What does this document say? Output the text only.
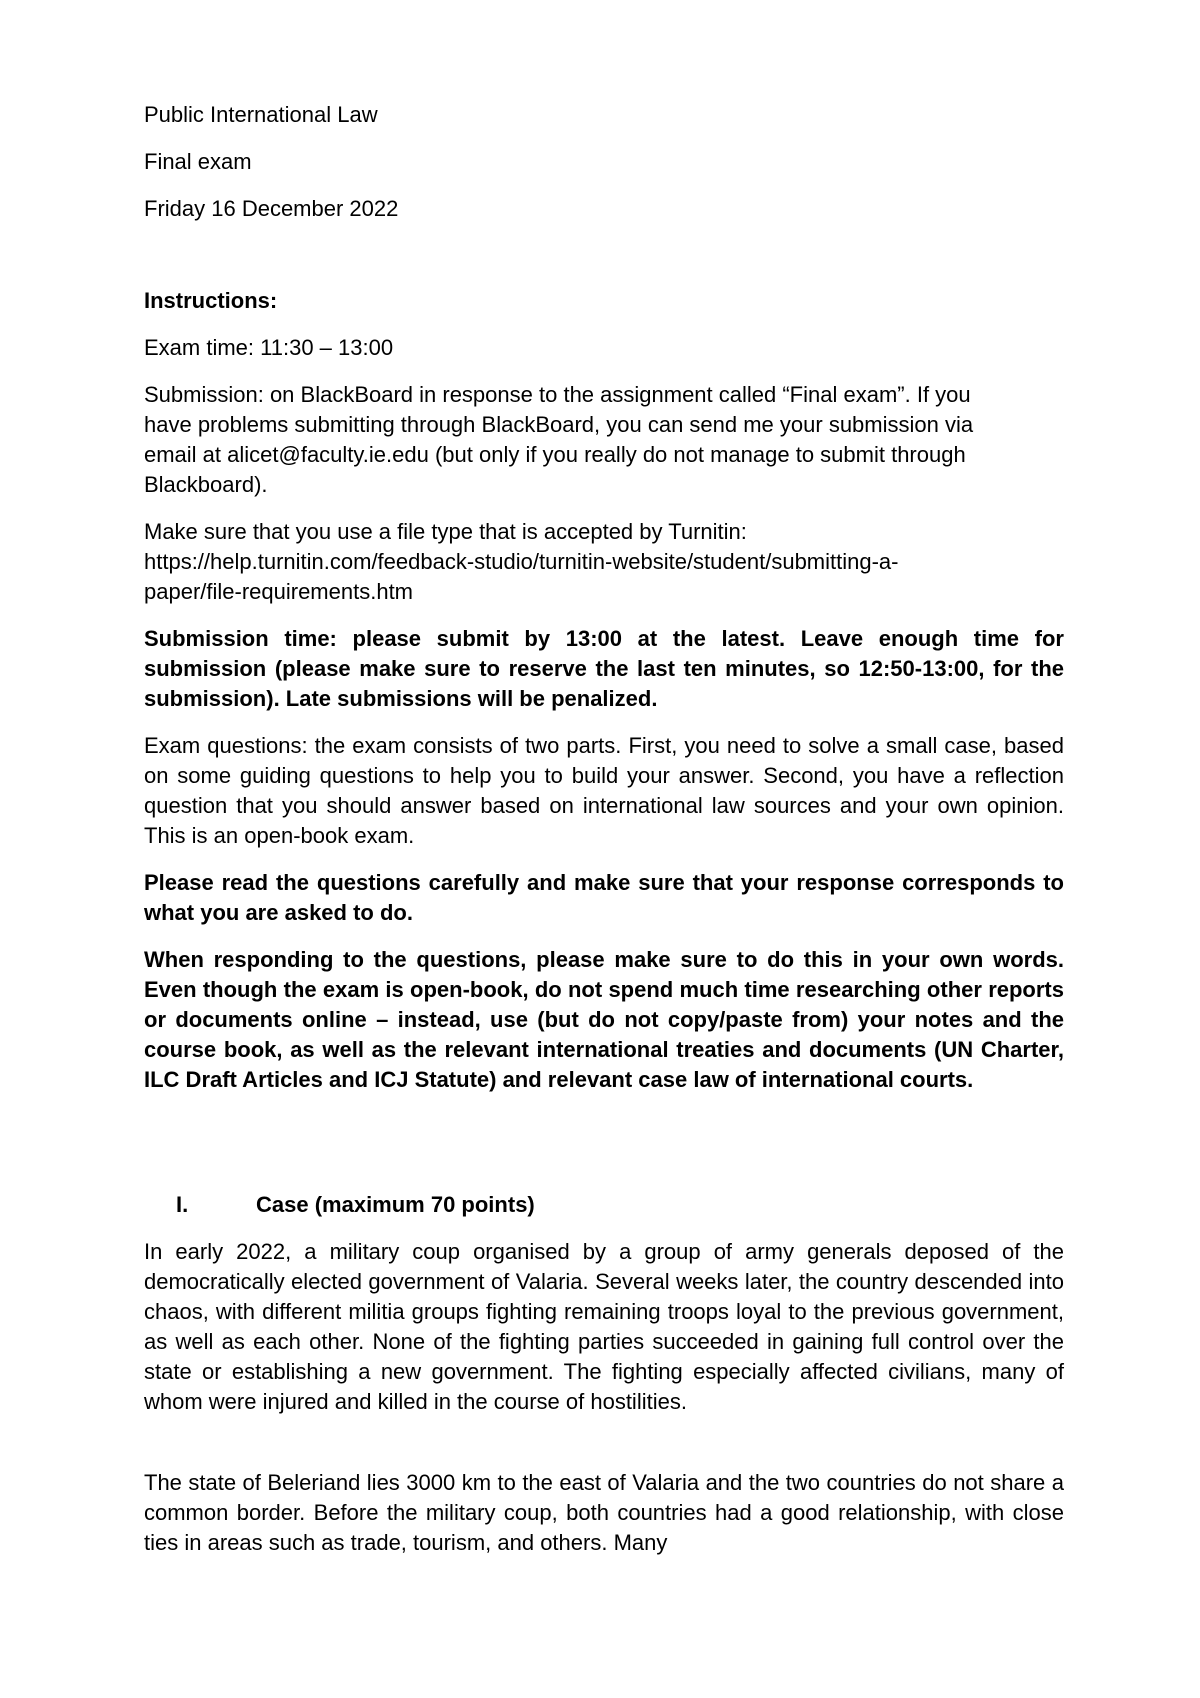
Public International Law

Final exam

Friday 16 December 2022

Instructions:

Exam time: 11:30 – 13:00

Submission: on BlackBoard in response to the assignment called “Final exam”. If you
have problems submitting through BlackBoard, you can send me your submission via
email at alicet@faculty.ie.edu (but only if you really do not manage to submit through
Blackboard).

Make sure that you use a file type that is accepted by Turnitin:
https://help.turnitin.com/feedback-studio/turnitin-website/student/submitting-a-
paper/file-requirements.htm

Submission time: please submit by 13:00 at the latest. Leave enough time for submission (please make sure to reserve the last ten minutes, so 12:50-13:00, for the submission). Late submissions will be penalized.

Exam questions: the exam consists of two parts. First, you need to solve a small case, based on some guiding questions to help you to build your answer. Second, you have a reflection question that you should answer based on international law sources and your own opinion. This is an open-book exam.

Please read the questions carefully and make sure that your response corresponds to what you are asked to do.

When responding to the questions, please make sure to do this in your own words. Even though the exam is open-book, do not spend much time researching other reports or documents online – instead, use (but do not copy/paste from) your notes and the course book, as well as the relevant international treaties and documents (UN Charter, ILC Draft Articles and ICJ Statute) and relevant case law of international courts.

I.	Case (maximum 70 points)

In early 2022, a military coup organised by a group of army generals deposed of the democratically elected government of Valaria. Several weeks later, the country descended into chaos, with different militia groups fighting remaining troops loyal to the previous government, as well as each other. None of the fighting parties succeeded in gaining full control over the state or establishing a new government. The fighting especially affected civilians, many of whom were injured and killed in the course of hostilities.

The state of Beleriand lies 3000 km to the east of Valaria and the two countries do not share a common border. Before the military coup, both countries had a good relationship, with close ties in areas such as trade, tourism, and others. Many
